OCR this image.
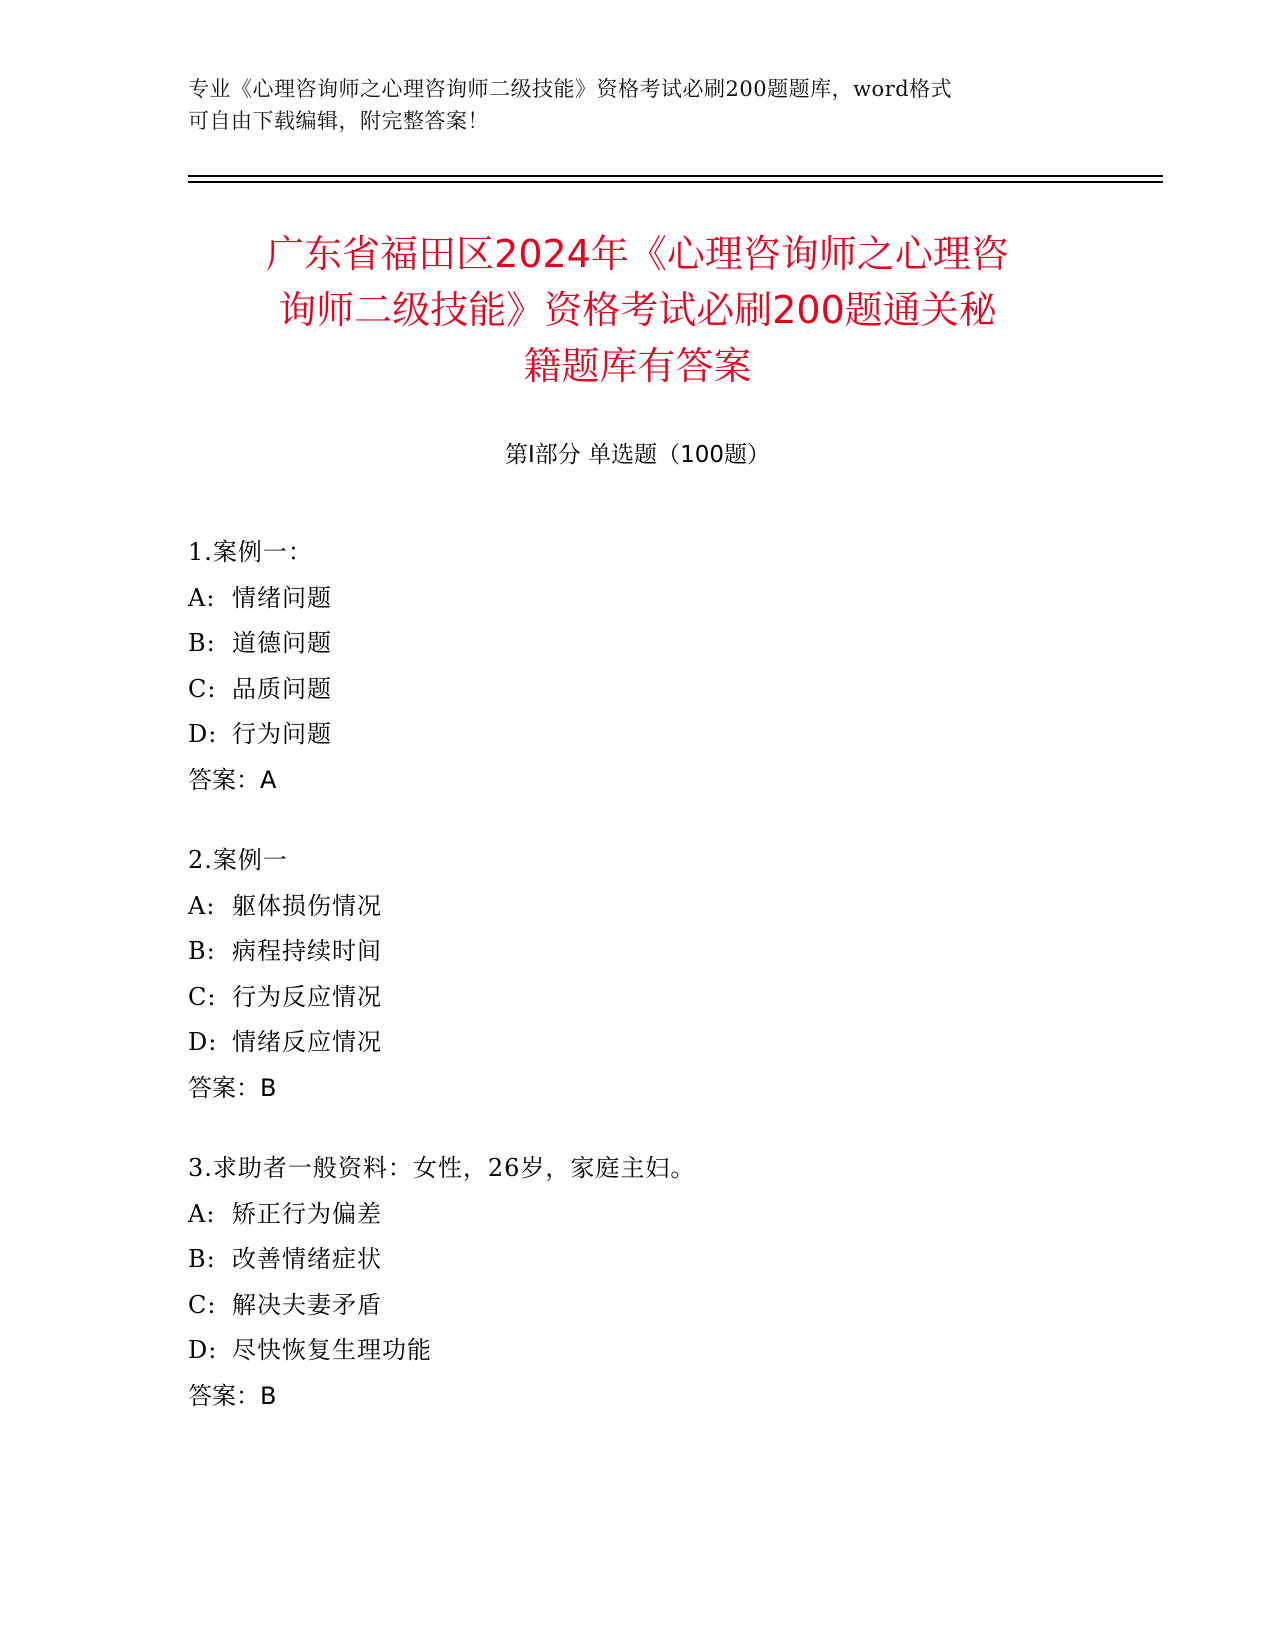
专业《心理咨询师之心理咨询师二级技能》资格考试必刷200题题库，word格式
可自由下载编辑，附完整答案！
广东省福田区2024年《心理咨询师之心理咨
询师二级技能》资格考试必刷200题通关秘
籍题库有答案
第Ⅰ部分 单选题（100题）
1.案例一：
A: 情绪问题
B: 道德问题
C: 品质问题
D: 行为问题
答案：A
2.案例一
A: 躯体损伤情况
B: 病程持续时间
C: 行为反应情况
D: 情绪反应情况
答案：B
3.求助者一般资料：女性，26岁，家庭主妇。
A: 矫正行为偏差
B: 改善情绪症状
C: 解决夫妻矛盾
D: 尽快恢复生理功能
答案：B
